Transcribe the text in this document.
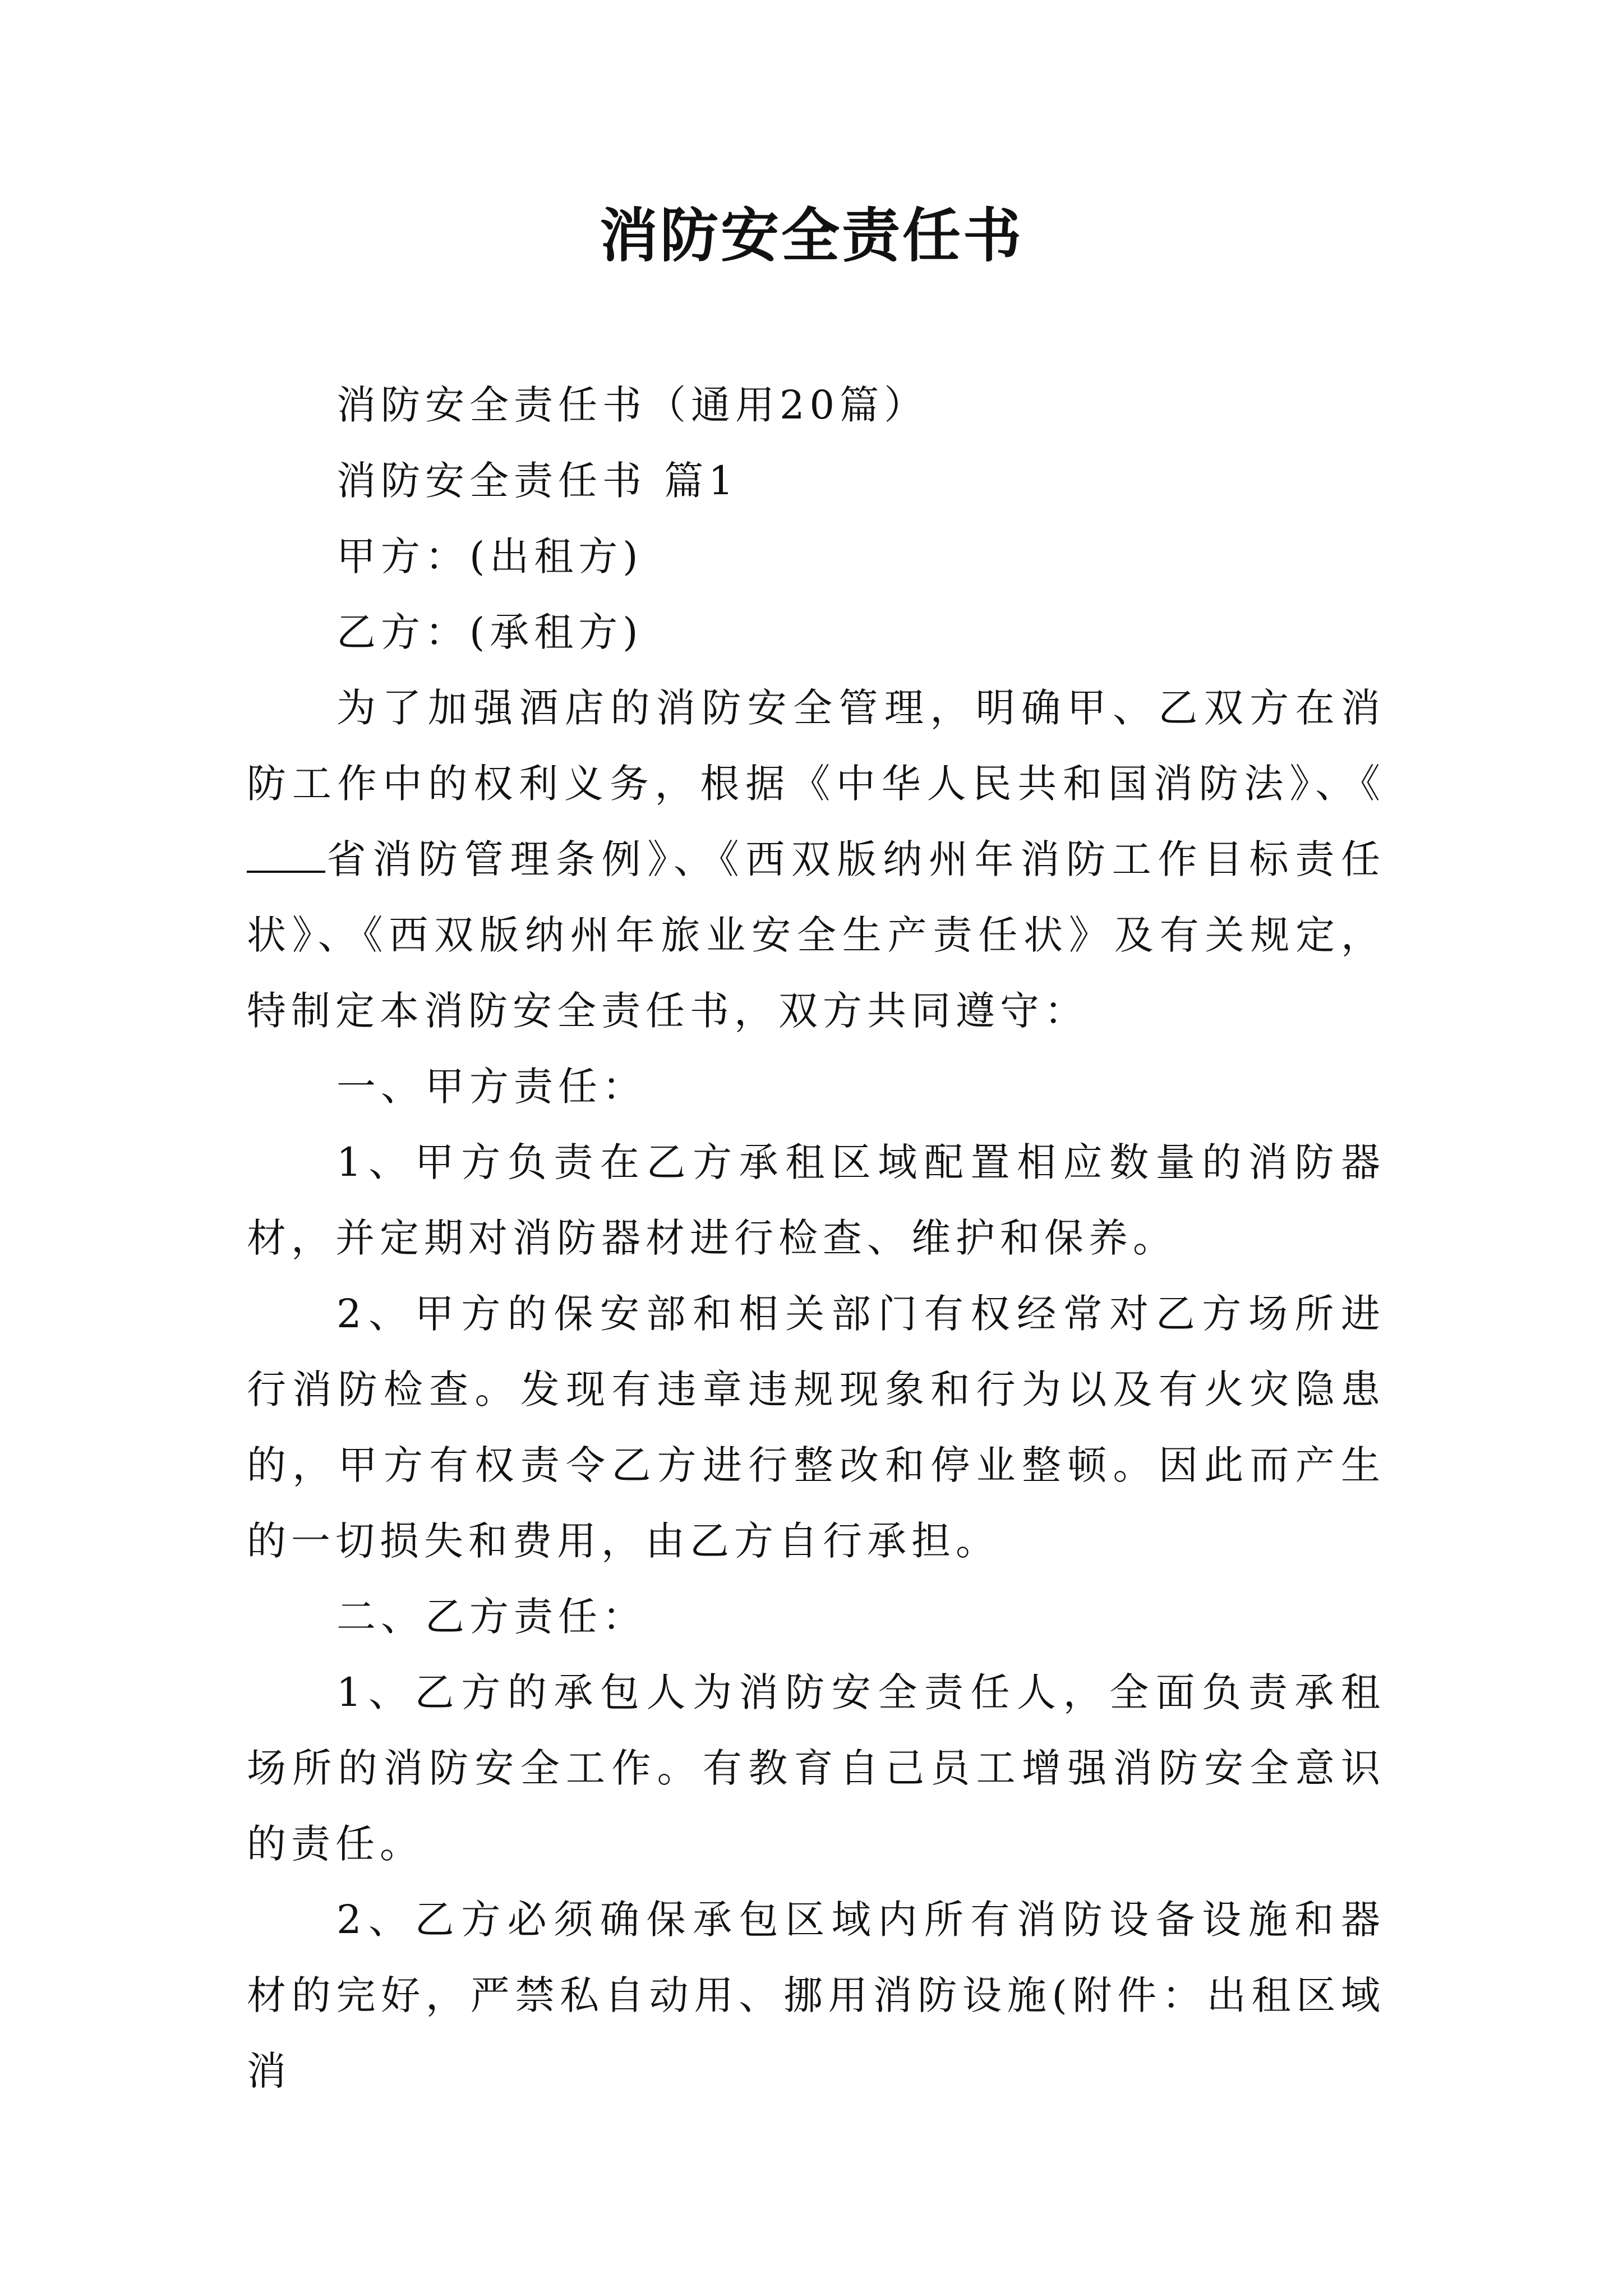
消防安全责任书

消防安全责任书（通用20篇）

消防安全责任书 篇1

甲方：(出租方)

乙方：(承租方)

为了加强酒店的消防安全管理，明确甲、乙双方在消防工作中的权利义务，根据《中华人民共和国消防法》、《省消防管理条例》、《西双版纳州年消防工作目标责任状》、《西双版纳州年旅业安全生产责任状》及有关规定，特制定本消防安全责任书，双方共同遵守：

一、甲方责任：

1、甲方负责在乙方承租区域配置相应数量的消防器材，并定期对消防器材进行检查、维护和保养。

2、甲方的保安部和相关部门有权经常对乙方场所进行消防检查。发现有违章违规现象和行为以及有火灾隐患的，甲方有权责令乙方进行整改和停业整顿。因此而产生的一切损失和费用，由乙方自行承担。

二、乙方责任：

1、乙方的承包人为消防安全责任人，全面负责承租场所的消防安全工作。有教育自己员工增强消防安全意识的责任。

2、乙方必须确保承包区域内所有消防设备设施和器材的完好，严禁私自动用、挪用消防设施(附件：出租区域消
